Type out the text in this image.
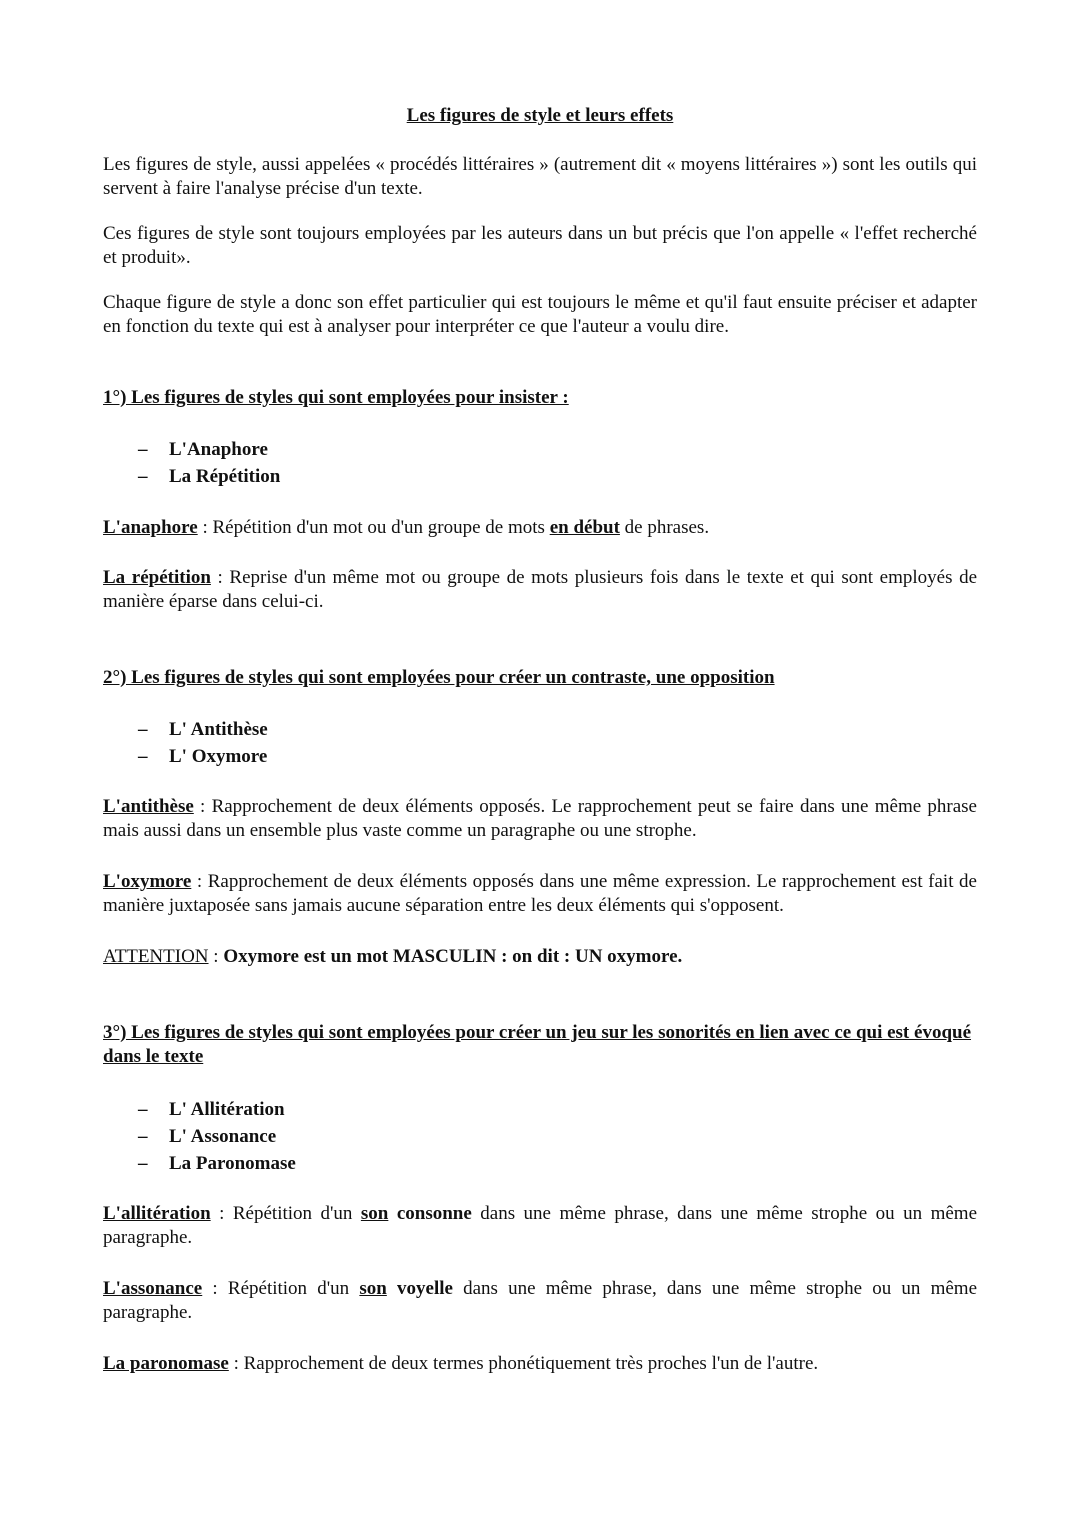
Les figures de style et leurs effets

Les figures de style, aussi appelées « procédés littéraires » (autrement dit « moyens littéraires ») sont les outils qui servent à faire l'analyse précise d'un texte.

Ces figures de style sont toujours employées par les auteurs dans un but précis que l'on appelle « l'effet recherché et produit».

Chaque figure de style a donc son effet particulier qui est toujours le même et qu'il faut ensuite préciser et adapter en fonction du texte qui est à analyser pour interpréter ce que l'auteur a voulu dire.

1°) Les figures de styles qui sont employées pour insister :

– L'Anaphore
– La Répétition

L'anaphore : Répétition d'un mot ou d'un groupe de mots en début de phrases.

La répétition : Reprise d'un même mot ou groupe de mots plusieurs fois dans le texte et qui sont employés de manière éparse dans celui-ci.

2°) Les figures de styles qui sont employées pour créer un contraste, une opposition

– L' Antithèse
– L' Oxymore

L'antithèse : Rapprochement de deux éléments opposés. Le rapprochement peut se faire dans une même phrase mais aussi dans un ensemble plus vaste comme un paragraphe ou une strophe.

L'oxymore : Rapprochement de deux éléments opposés dans une même expression. Le rapprochement est fait de manière juxtaposée sans jamais aucune séparation entre les deux éléments qui s'opposent.

ATTENTION : Oxymore est un mot MASCULIN : on dit : UN oxymore.

3°) Les figures de styles qui sont employées pour créer un jeu sur les sonorités en lien avec ce qui est évoqué dans le texte

– L' Allitération
– L' Assonance
– La Paronomase

L'allitération : Répétition d'un son consonne dans une même phrase, dans une même strophe ou un même paragraphe.

L'assonance : Répétition d'un son voyelle dans une même phrase, dans une même strophe ou un même paragraphe.

La paronomase : Rapprochement de deux termes phonétiquement très proches l'un de l'autre.
